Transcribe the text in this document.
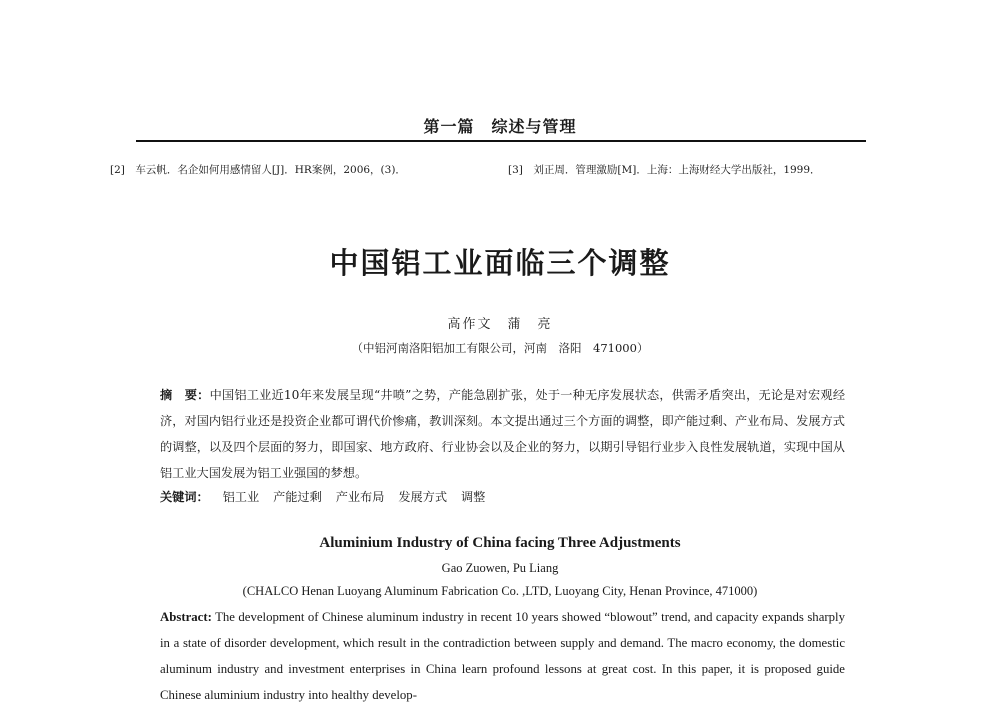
第一篇　综述与管理
[2]　车云帆．名企如何用感情留人[J]．HR案例，2006，(3)．	[3]　刘正周．管理激励[M]．上海：上海财经大学出版社，1999．
中国铝工业面临三个调整
高作文　蒲　亮
（中铝河南洛阳铝加工有限公司，河南　洛阳　471000）
摘　要：中国铝工业近10年来发展呈现“井喷”之势，产能急剧扩张，处于一种无序发展状态，供需矛盾突出，无论是对宏观经济，对国内铝行业还是投资企业都可谓代价惨痛，教训深刻。本文提出通过三个方面的调整，即产能过剩、产业布局、发展方式的调整，以及四个层面的努力，即国家、地方政府、行业协会以及企业的努力，以期引导铝行业步入良性发展轨道，实现中国从铝工业大国发展为铝工业强国的梦想。
关键词： 铝工业 产能过剩 产业布局 发展方式 调整
Aluminium Industry of China facing Three Adjustments
Gao Zuowen, Pu Liang
(CHALCO Henan Luoyang Aluminum Fabrication Co. ,LTD, Luoyang City, Henan Province, 471000)
Abstract: The development of Chinese aluminum industry in recent 10 years showed “blowout” trend, and capacity expands sharply in a state of disorder development, which result in the contradiction between supply and demand. The macro economy, the domestic aluminum industry and investment enterprises in China learn profound lessons at great cost. In this paper, it is proposed guide Chinese aluminium industry into healthy develop-
